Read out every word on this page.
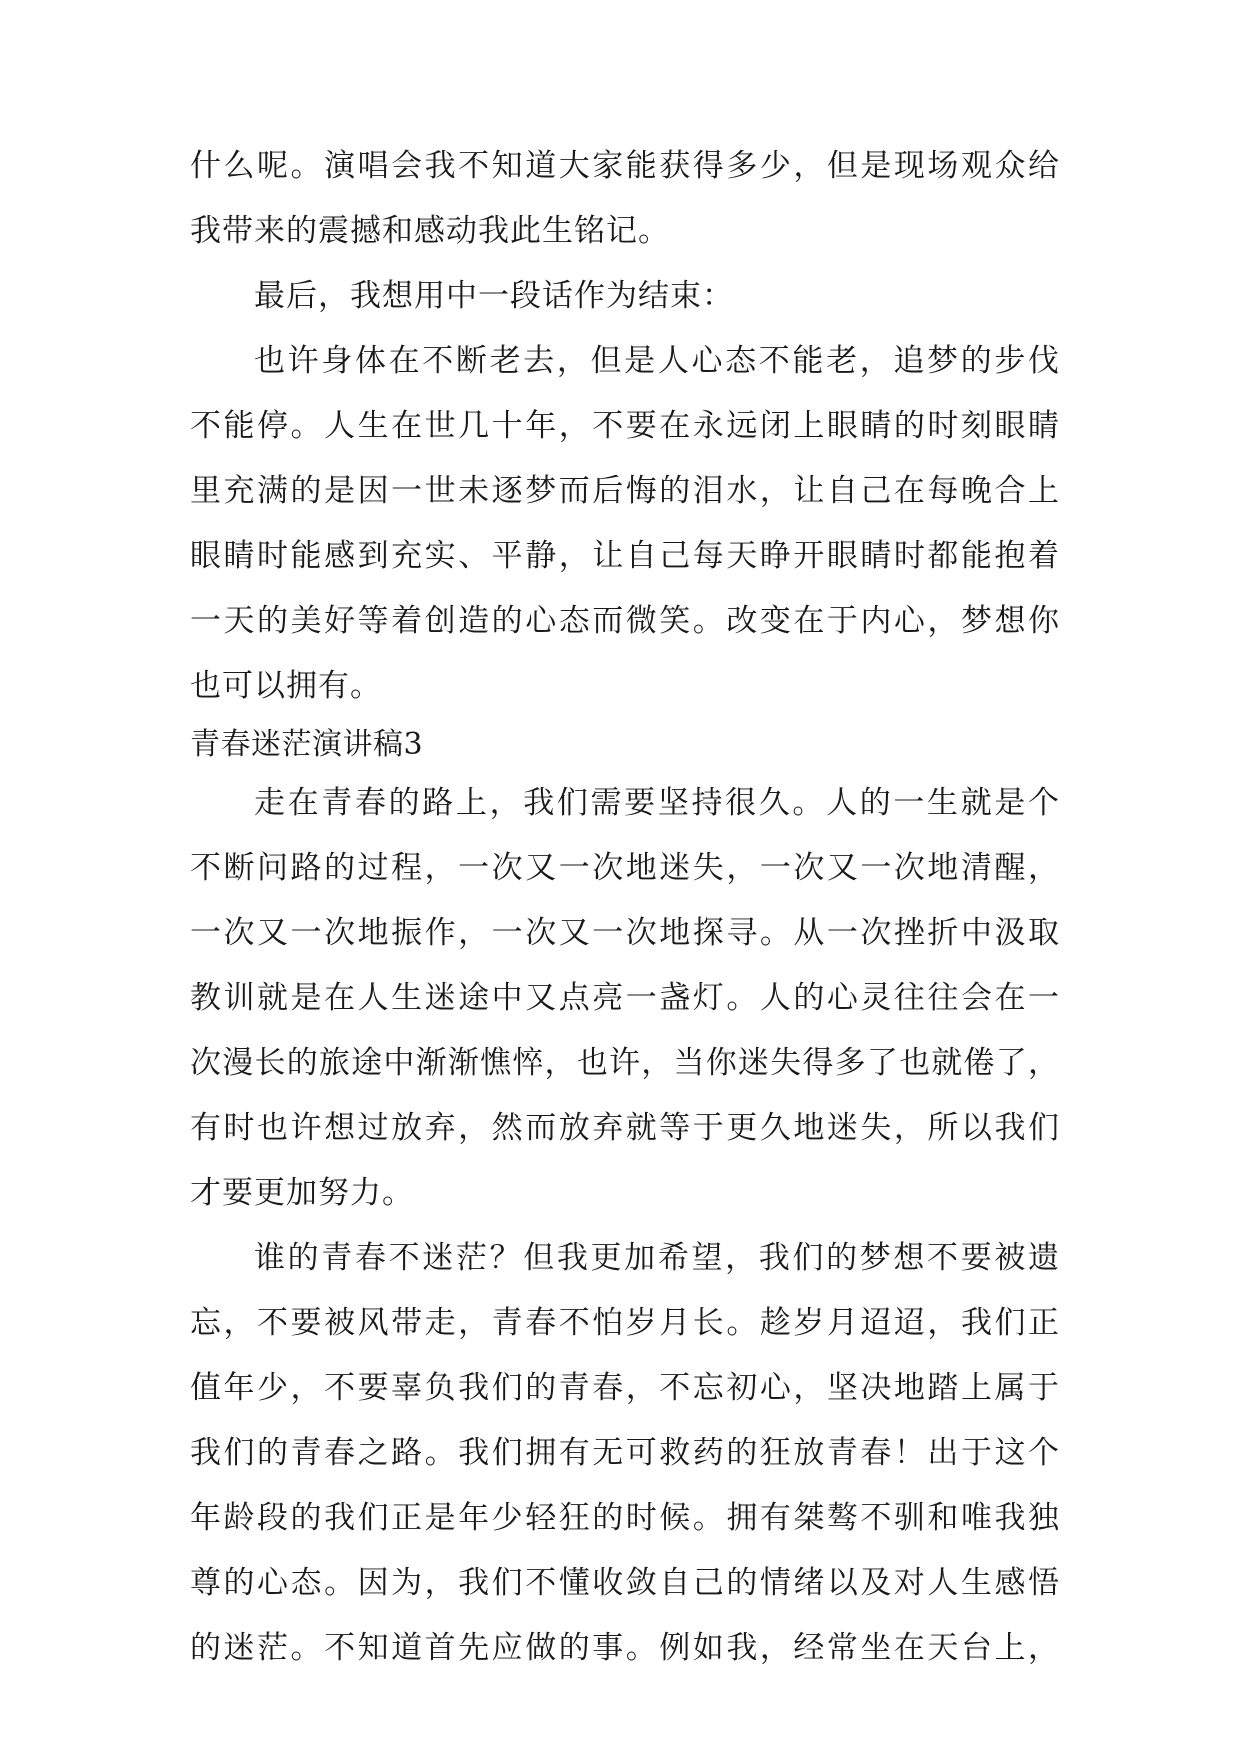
什么呢。演唱会我不知道大家能获得多少，但是现场观众给
我带来的震撼和感动我此生铭记。
最后，我想用中一段话作为结束：
也许身体在不断老去，但是人心态不能老，追梦的步伐
不能停。人生在世几十年，不要在永远闭上眼睛的时刻眼睛
里充满的是因一世未逐梦而后悔的泪水，让自己在每晚合上
眼睛时能感到充实、平静，让自己每天睁开眼睛时都能抱着
一天的美好等着创造的心态而微笑。改变在于内心，梦想你
也可以拥有。
青春迷茫演讲稿3
走在青春的路上，我们需要坚持很久。人的一生就是个
不断问路的过程，一次又一次地迷失，一次又一次地清醒，
一次又一次地振作，一次又一次地探寻。从一次挫折中汲取
教训就是在人生迷途中又点亮一盏灯。人的心灵往往会在一
次漫长的旅途中渐渐憔悴，也许，当你迷失得多了也就倦了，
有时也许想过放弃，然而放弃就等于更久地迷失，所以我们
才要更加努力。
谁的青春不迷茫？但我更加希望，我们的梦想不要被遗
忘，不要被风带走，青春不怕岁月长。趁岁月迢迢，我们正
值年少，不要辜负我们的青春，不忘初心，坚决地踏上属于
我们的青春之路。我们拥有无可救药的狂放青春！出于这个
年龄段的我们正是年少轻狂的时候。拥有桀骜不驯和唯我独
尊的心态。因为，我们不懂收敛自己的情绪以及对人生感悟
的迷茫。不知道首先应做的事。例如我，经常坐在天台上，
